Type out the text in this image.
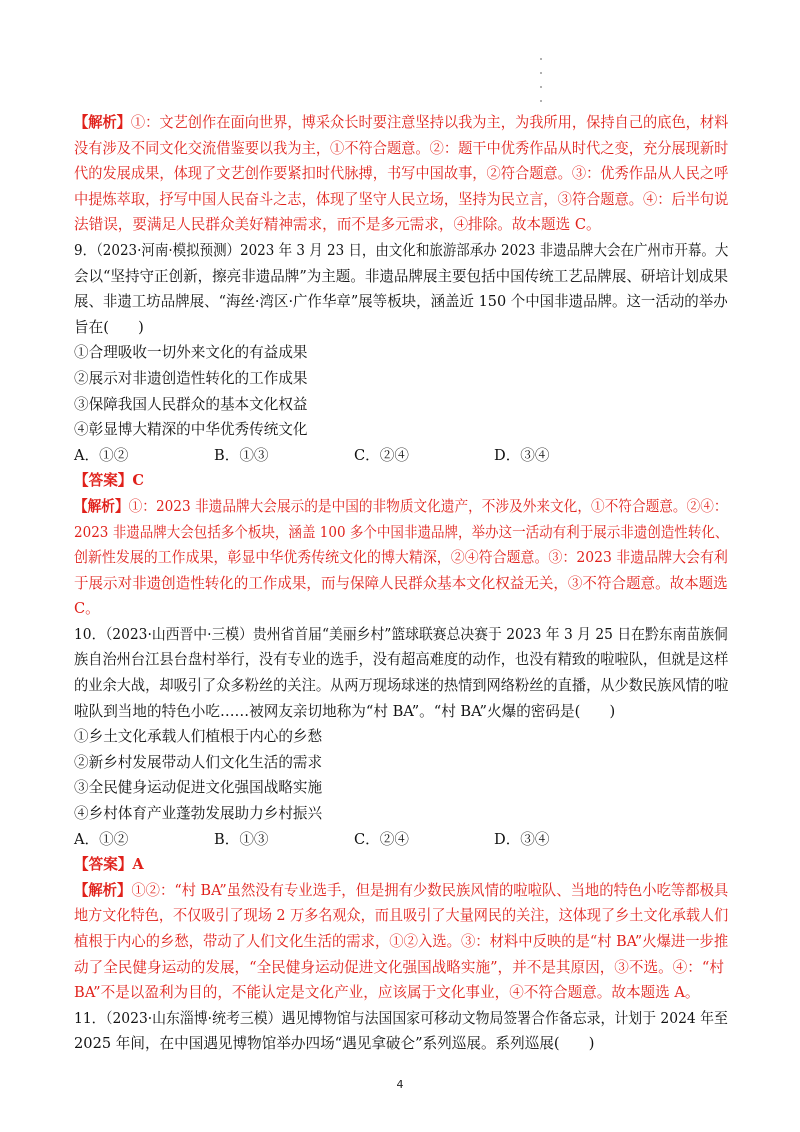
【解析】①：文艺创作在面向世界，博采众长时要注意坚持以我为主，为我所用，保持自己的底色，材料
没有涉及不同文化交流借鉴要以我为主，①不符合题意。②：题干中优秀作品从时代之变，充分展现新时
代的发展成果，体现了文艺创作要紧扣时代脉搏，书写中国故事，②符合题意。③：优秀作品从人民之呼
中提炼萃取，抒写中国人民奋斗之志，体现了坚守人民立场，坚持为民立言，③符合题意。④：后半句说
法错误，要满足人民群众美好精神需求，而不是多元需求，④排除。故本题选 C。
9．（2023·河南·模拟预测）2023 年 3 月 23 日，由文化和旅游部承办 2023 非遗品牌大会在广州市开幕。大
会以“坚持守正创新，擦亮非遗品牌”为主题。非遗品牌展主要包括中国传统工艺品牌展、研培计划成果
展、非遗工坊品牌展、“海丝·湾区·广作华章”展等板块，涵盖近 150 个中国非遗品牌。这一活动的举办
旨在(　　)
①合理吸收一切外来文化的有益成果
②展示对非遗创造性转化的工作成果
③保障我国人民群众的基本文化权益
④彰显博大精深的中华优秀传统文化
A．①②	B．①③	C．②④	D．③④
【答案】C
【解析】①：2023 非遗品牌大会展示的是中国的非物质文化遗产，不涉及外来文化，①不符合题意。②④：
2023 非遗品牌大会包括多个板块，涵盖 100 多个中国非遗品牌，举办这一活动有利于展示非遗创造性转化、
创新性发展的工作成果，彰显中华优秀传统文化的博大精深，②④符合题意。③：2023 非遗品牌大会有利
于展示对非遗创造性转化的工作成果，而与保障人民群众基本文化权益无关，③不符合题意。故本题选
C。
10．（2023·山西晋中·三模）贵州省首届“美丽乡村”篮球联赛总决赛于 2023 年 3 月 25 日在黔东南苗族侗
族自治州台江县台盘村举行，没有专业的选手，没有超高难度的动作，也没有精致的啦啦队，但就是这样
的业余大战，却吸引了众多粉丝的关注。从两万现场球迷的热情到网络粉丝的直播，从少数民族风情的啦
啦队到当地的特色小吃……被网友亲切地称为“村 BA”。“村 BA”火爆的密码是(　　)
①乡土文化承载人们植根于内心的乡愁
②新乡村发展带动人们文化生活的需求
③全民健身运动促进文化强国战略实施
④乡村体育产业蓬勃发展助力乡村振兴
A．①②	B．①③	C．②④	D．③④
【答案】A
【解析】①②：“村 BA”虽然没有专业选手，但是拥有少数民族风情的啦啦队、当地的特色小吃等都极具
地方文化特色，不仅吸引了现场 2 万多名观众，而且吸引了大量网民的关注，这体现了乡土文化承载人们
植根于内心的乡愁，带动了人们文化生活的需求，①②入选。③：材料中反映的是“村 BA”火爆进一步推
动了全民健身运动的发展，“全民健身运动促进文化强国战略实施”，并不是其原因，③不选。④：“村
BA”不是以盈利为目的，不能认定是文化产业，应该属于文化事业，④不符合题意。故本题选 A。
11．（2023·山东淄博·统考三模）遇见博物馆与法国国家可移动文物局签署合作备忘录，计划于 2024 年至
2025 年间，在中国遇见博物馆举办四场“遇见拿破仑”系列巡展。系列巡展(　　)
4
